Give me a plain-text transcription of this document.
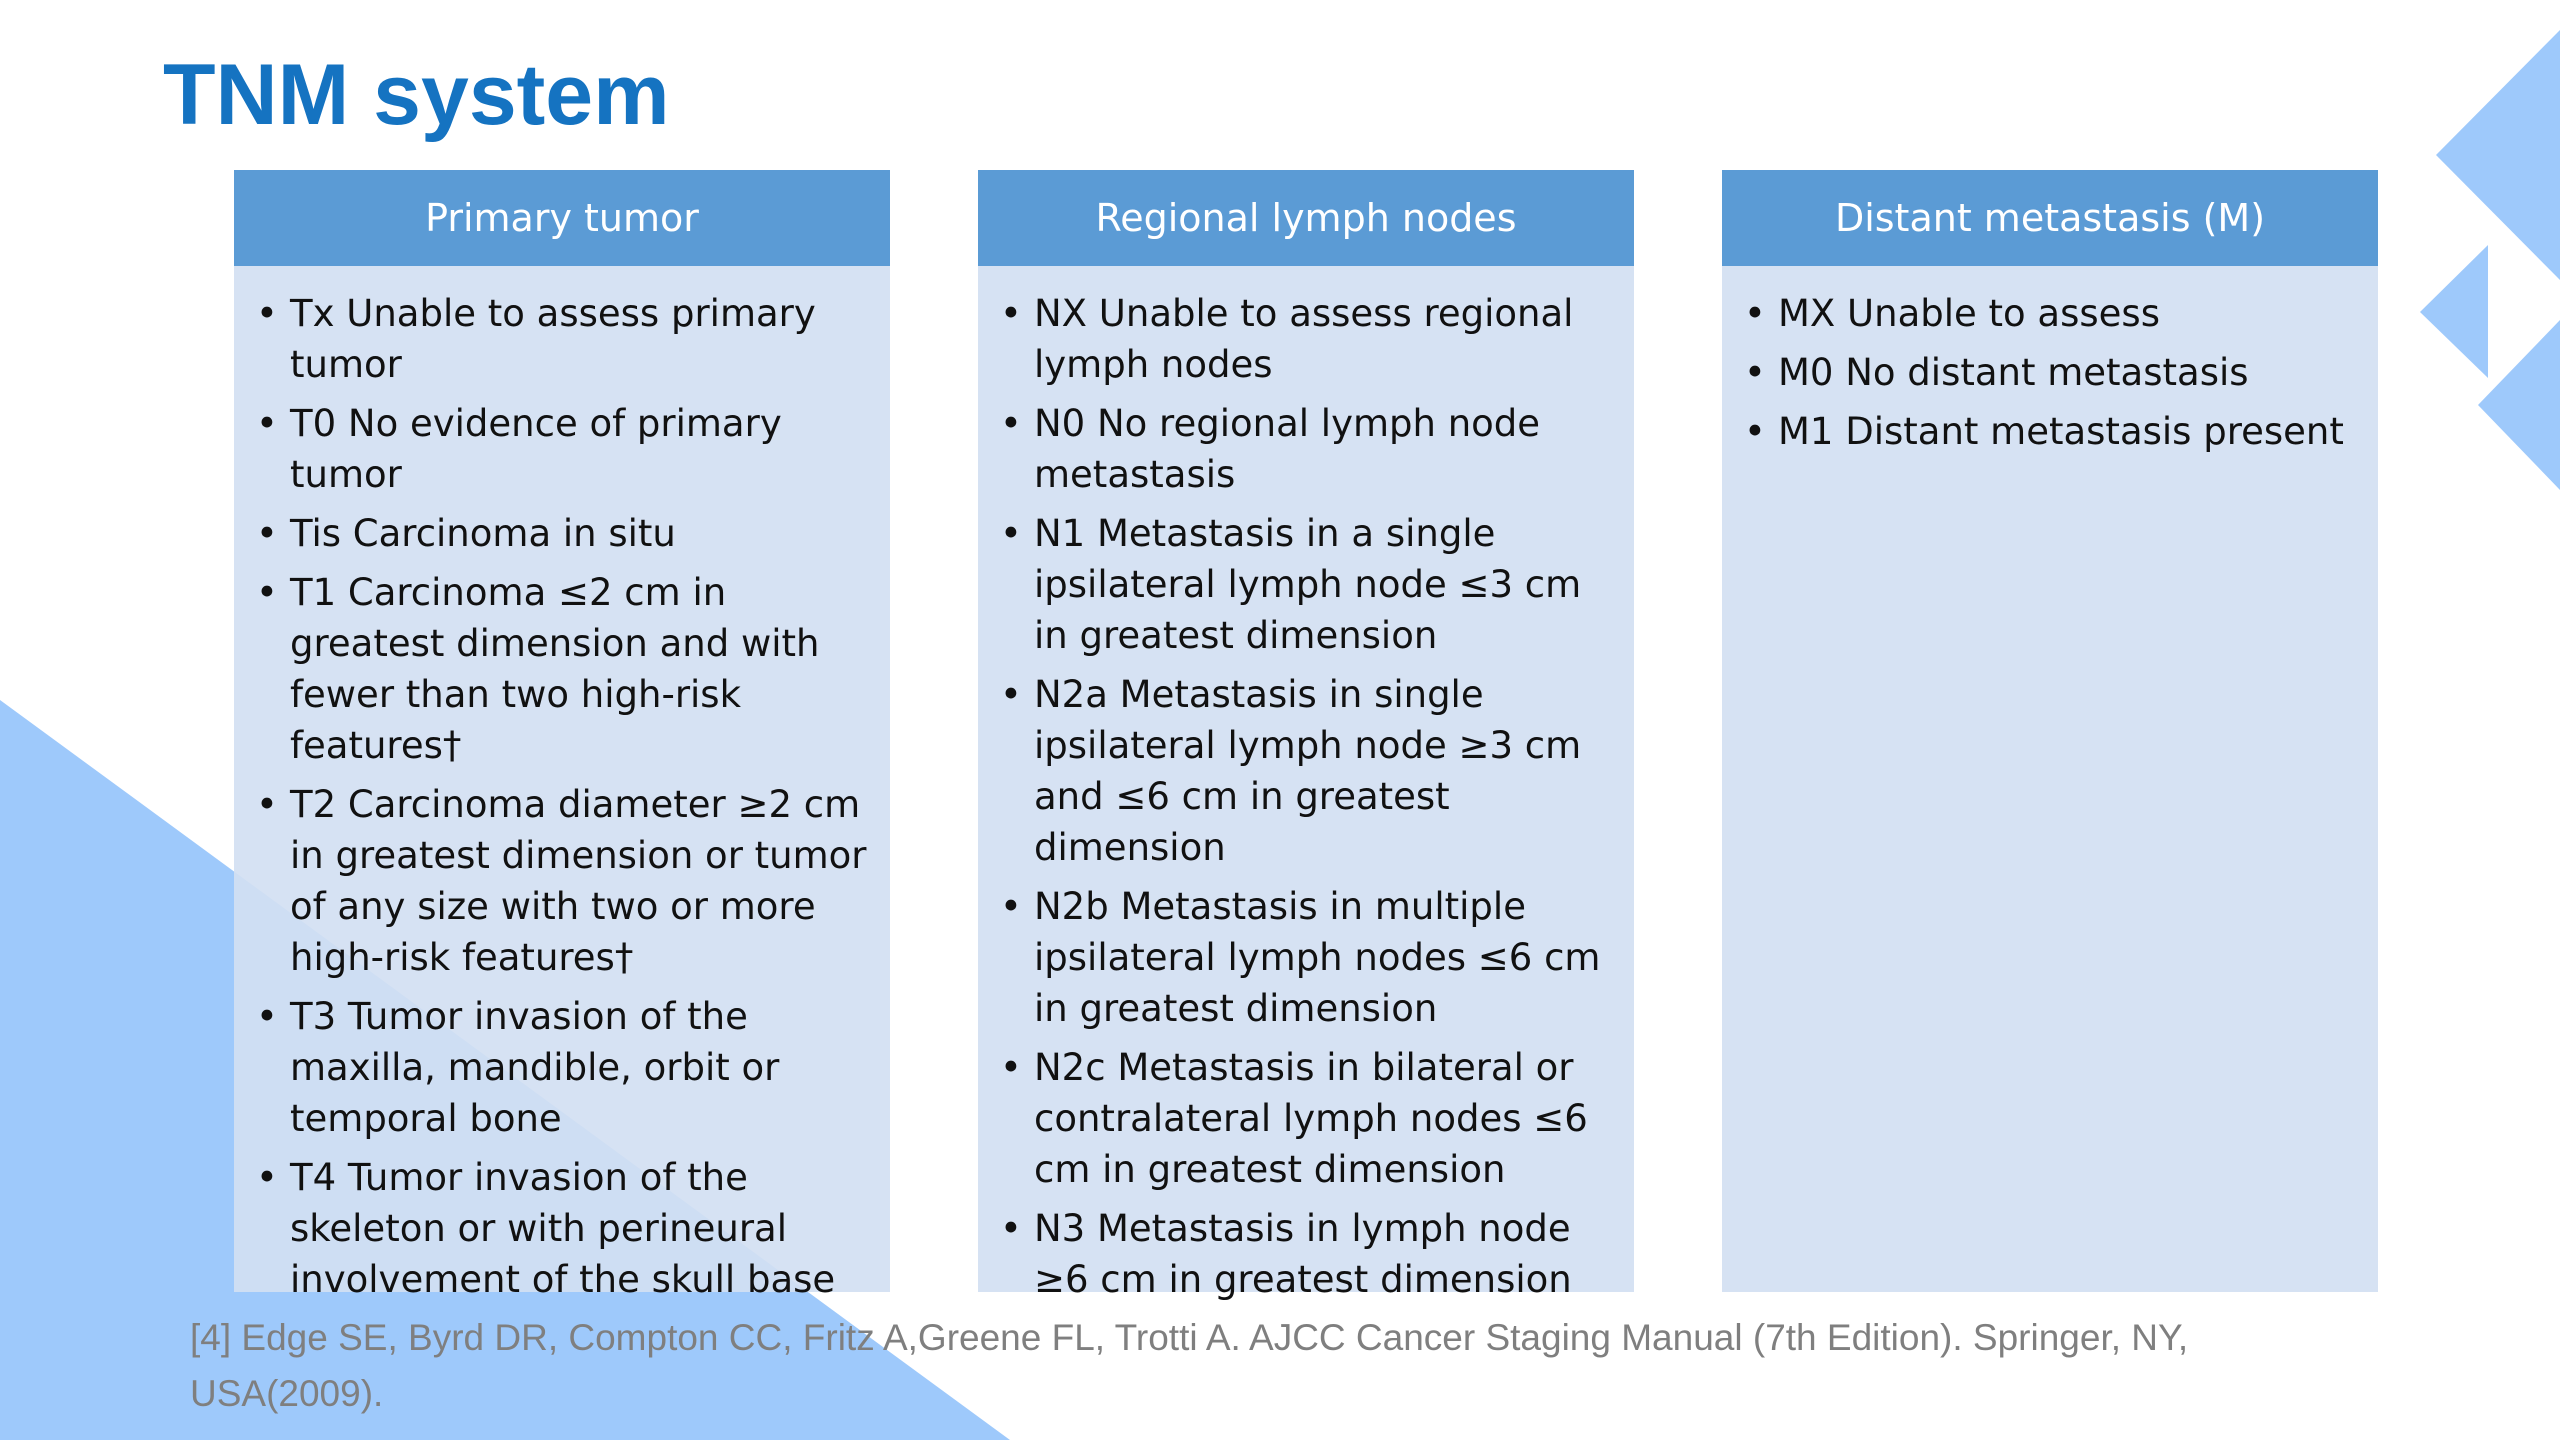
TNM system
Primary tumor
• Tx Unable to assess primary tumor
• T0 No evidence of primary tumor
• Tis Carcinoma in situ
• T1 Carcinoma ≤2 cm in greatest dimension and with fewer than two high-risk features†
• T2 Carcinoma diameter ≥2 cm in greatest dimension or tumor of any size with two or more high-risk features†
• T3 Tumor invasion of the maxilla, mandible, orbit or temporal bone
• T4 Tumor invasion of the skeleton or with perineural involvement of the skull base
Regional lymph nodes
• NX Unable to assess regional lymph nodes
• N0 No regional lymph node metastasis
• N1 Metastasis in a single ipsilateral lymph node ≤3 cm in greatest dimension
• N2a Metastasis in single ipsilateral lymph node ≥3 cm and ≤6 cm in greatest dimension
• N2b Metastasis in multiple ipsilateral lymph nodes ≤6 cm in greatest dimension
• N2c Metastasis in bilateral or contralateral lymph nodes ≤6 cm in greatest dimension
• N3 Metastasis in lymph node ≥6 cm in greatest dimension
Distant metastasis (M)
• MX Unable to assess
• M0 No distant metastasis
• M1 Distant metastasis present

[4] Edge SE, Byrd DR, Compton CC, Fritz A,Greene FL, Trotti A. AJCC Cancer Staging Manual (7th Edition). Springer, NY, USA(2009).
